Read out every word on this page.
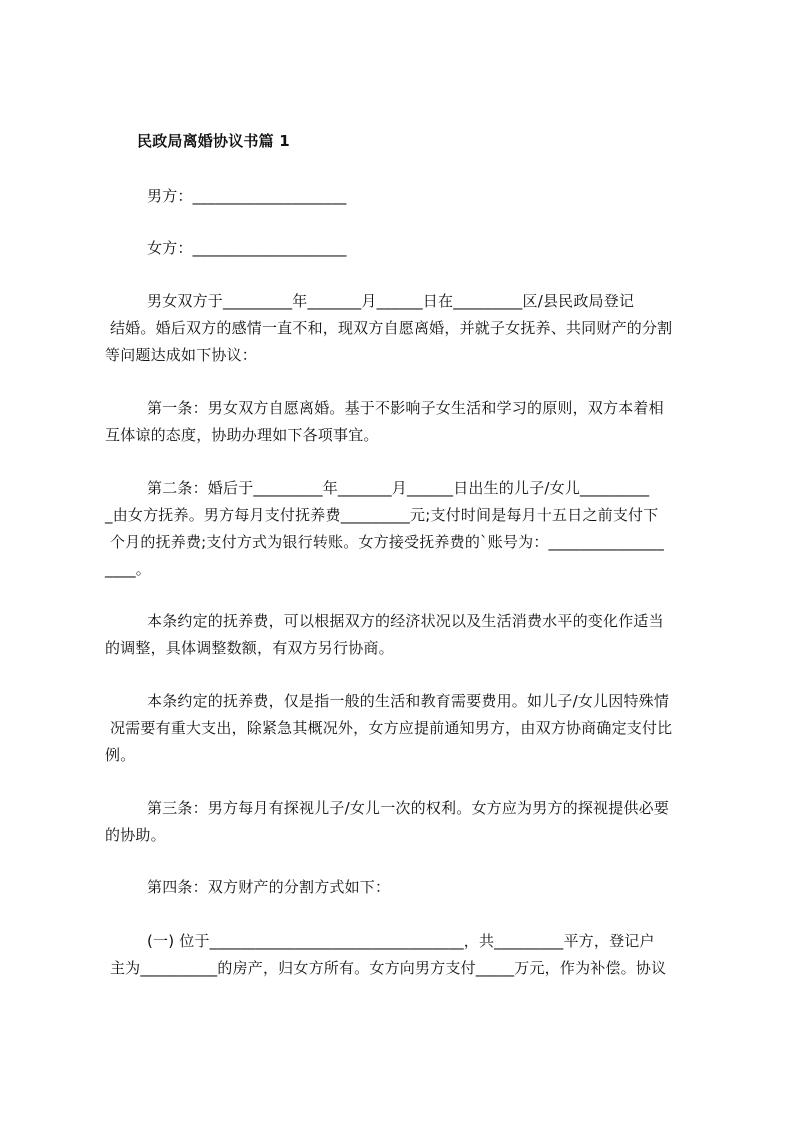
民政局离婚协议书篇 1
男方：____________________
女方：____________________
男女双方于_________年_______月______日在_________区/县民政局登记
结婚。婚后双方的感情一直不和，现双方自愿离婚，并就子女抚养、共同财产的分割
等问题达成如下协议：
第一条：男女双方自愿离婚。基于不影响子女生活和学习的原则，双方本着相
互体谅的态度，协助办理如下各项事宜。
第二条：婚后于_________年_______月______日出生的儿子/女儿_________
_由女方抚养。男方每月支付抚养费_________元;支付时间是每月十五日之前支付下
个月的抚养费;支付方式为银行转账。女方接受抚养费的`账号为：_______________
____。
本条约定的抚养费，可以根据双方的经济状况以及生活消费水平的变化作适当
的调整，具体调整数额，有双方另行协商。
本条约定的抚养费，仅是指一般的生活和教育需要费用。如儿子/女儿因特殊情
况需要有重大支出，除紧急其概况外，女方应提前通知男方，由双方协商确定支付比
例。
第三条：男方每月有探视儿子/女儿一次的权利。女方应为男方的探视提供必要
的协助。
第四条：双方财产的分割方式如下：
(一) 位于_________________________________，共_________平方，登记户
主为__________的房产，归女方所有。女方向男方支付_____万元，作为补偿。协议
